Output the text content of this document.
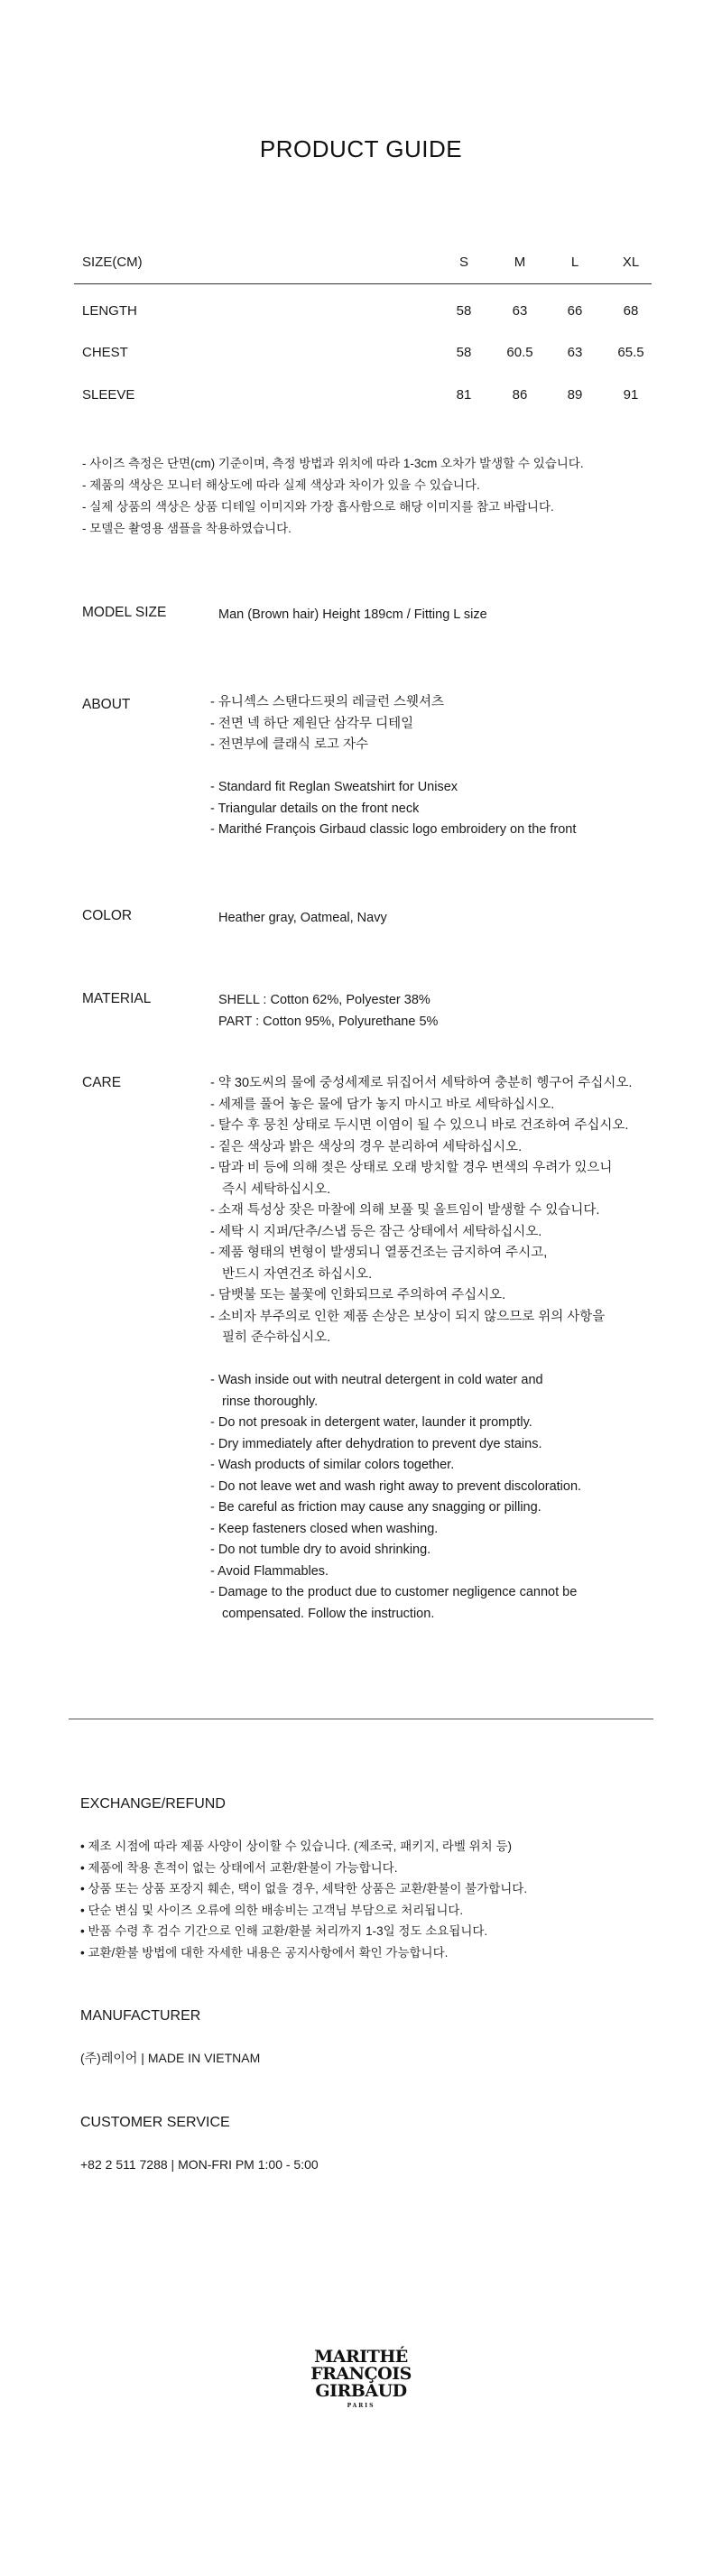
PRODUCT GUIDE
SIZE(CM)	S	M	L	XL
LENGTH	58	63	66	68
CHEST	58	60.5	63	65.5
SLEEVE	81	86	89	91
- 사이즈 측정은 단면(cm) 기준이며, 측정 방법과 위치에 따라 1-3cm 오차가 발생할 수 있습니다.
- 제품의 색상은 모니터 해상도에 따라 실제 색상과 차이가 있을 수 있습니다.
- 실제 상품의 색상은 상품 디테일 이미지와 가장 흡사함으로 해당 이미지를 참고 바랍니다.
- 모델은 촬영용 샘플을 착용하였습니다.
MODEL SIZE	Man (Brown hair) Height 189cm / Fitting L size
ABOUT	- 유니섹스 스탠다드핏의 레글런 스웻셔츠
- 전면 넥 하단 제원단 삼각무 디테일
- 전면부에 클래식 로고 자수
- Standard fit Reglan Sweatshirt for Unisex
- Triangular details on the front neck
- Marithé François Girbaud classic logo embroidery on the front
COLOR	Heather gray, Oatmeal, Navy
MATERIAL	SHELL : Cotton 62%, Polyester 38%
PART : Cotton 95%, Polyurethane 5%
CARE	- 약 30도씨의 물에 중성세제로 뒤집어서 세탁하여 충분히 헹구어 주십시오.
- 세제를 풀어 놓은 물에 담가 놓지 마시고 바로 세탁하십시오.
- 탈수 후 뭉친 상태로 두시면 이염이 될 수 있으니 바로 건조하여 주십시오.
- 짙은 색상과 밝은 색상의 경우 분리하여 세탁하십시오.
- 땀과 비 등에 의해 젖은 상태로 오래 방치할 경우 변색의 우려가 있으니
즉시 세탁하십시오.
- 소재 특성상 잦은 마찰에 의해 보풀 및 올트임이 발생할 수 있습니다.
- 세탁 시 지퍼/단추/스냅 등은 잠근 상태에서 세탁하십시오.
- 제품 형태의 변형이 발생되니 열풍건조는 금지하여 주시고,
반드시 자연건조 하십시오.
- 담뱃불 또는 불꽃에 인화되므로 주의하여 주십시오.
- 소비자 부주의로 인한 제품 손상은 보상이 되지 않으므로 위의 사항을
필히 준수하십시오.
- Wash inside out with neutral detergent in cold water and
rinse thoroughly.
- Do not presoak in detergent water, launder it promptly.
- Dry immediately after dehydration to prevent dye stains.
- Wash products of similar colors together.
- Do not leave wet and wash right away to prevent discoloration.
- Be careful as friction may cause any snagging or pilling.
- Keep fasteners closed when washing.
- Do not tumble dry to avoid shrinking.
- Avoid Flammables.
- Damage to the product due to customer negligence cannot be
compensated. Follow the instruction.
EXCHANGE/REFUND
• 제조 시점에 따라 제품 사양이 상이할 수 있습니다. (제조국, 패키지, 라벨 위치 등)
• 제품에 착용 흔적이 없는 상태에서 교환/환불이 가능합니다.
• 상품 또는 상품 포장지 훼손, 택이 없을 경우, 세탁한 상품은 교환/환불이 불가합니다.
• 단순 변심 및 사이즈 오류에 의한 배송비는 고객님 부담으로 처리됩니다.
• 반품 수령 후 검수 기간으로 인해 교환/환불 처리까지 1-3일 정도 소요됩니다.
• 교환/환불 방법에 대한 자세한 내용은 공지사항에서 확인 가능합니다.
MANUFACTURER
(주)레이어 | MADE IN VIETNAM
CUSTOMER SERVICE
+82 2 511 7288 | MON-FRI PM 1:00 - 5:00
MARITHÉ
FRANÇOIS
GIRBAUD
PARIS
